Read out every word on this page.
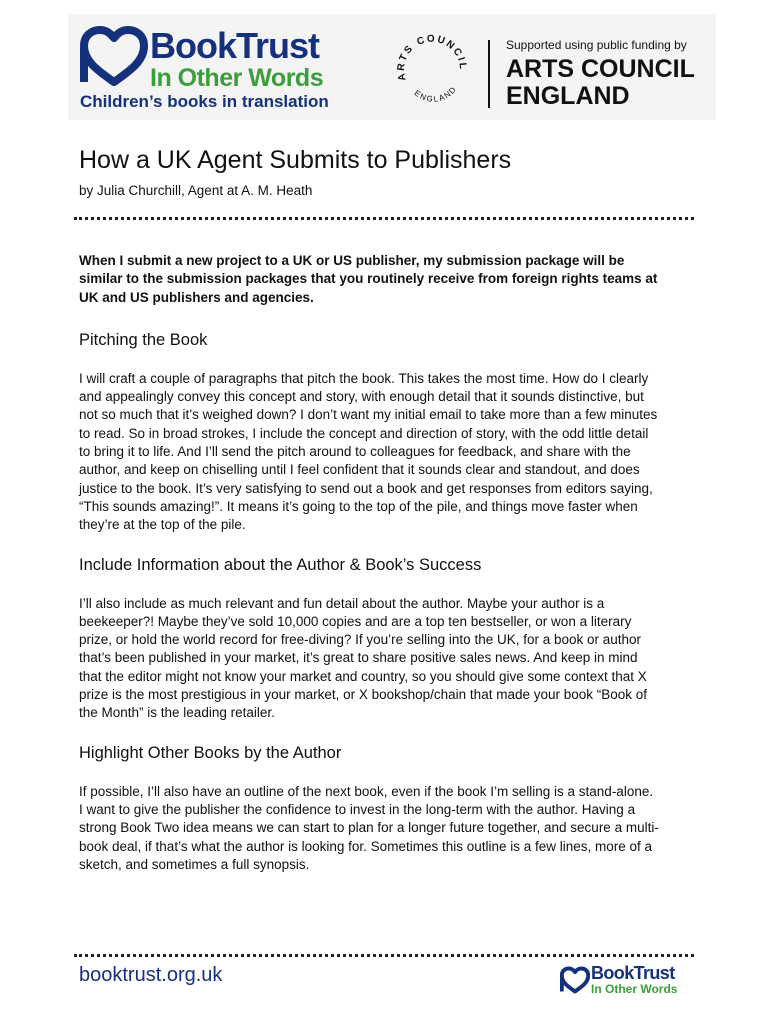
BookTrust
In Other Words
Children’s books in translation
ARTS COUNCIL
ENGLAND
Supported using public funding by
ARTS COUNCIL ENGLAND
How a UK Agent Submits to Publishers

by Julia Churchill, Agent at A. M. Heath

When I submit a new project to a UK or US publisher, my submission package will be similar to the submission packages that you routinely receive from foreign rights teams at UK and US publishers and agencies.

Pitching the Book

I will craft a couple of paragraphs that pitch the book. This takes the most time. How do I clearly and appealingly convey this concept and story, with enough detail that it sounds distinctive, but not so much that it’s weighed down? I don’t want my initial email to take more than a few minutes to read. So in broad strokes, I include the concept and direction of story, with the odd little detail to bring it to life. And I’ll send the pitch around to colleagues for feedback, and share with the author, and keep on chiselling until I feel confident that it sounds clear and standout, and does justice to the book. It’s very satisfying to send out a book and get responses from editors saying, “This sounds amazing!”. It means it’s going to the top of the pile, and things move faster when they’re at the top of the pile.

Include Information about the Author & Book’s Success

I’ll also include as much relevant and fun detail about the author. Maybe your author is a beekeeper?! Maybe they’ve sold 10,000 copies and are a top ten bestseller, or won a literary prize, or hold the world record for free-diving? If you’re selling into the UK, for a book or author that’s been published in your market, it’s great to share positive sales news. And keep in mind that the editor might not know your market and country, so you should give some context that X prize is the most prestigious in your market, or X bookshop/chain that made your book “Book of the Month” is the leading retailer.

Highlight Other Books by the Author

If possible, I’ll also have an outline of the next book, even if the book I’m selling is a stand-alone. I want to give the publisher the confidence to invest in the long-term with the author. Having a strong Book Two idea means we can start to plan for a longer future together, and secure a multi-book deal, if that’s what the author is looking for. Sometimes this outline is a few lines, more of a sketch, and sometimes a full synopsis.

booktrust.org.uk	BookTrust
In Other Words
